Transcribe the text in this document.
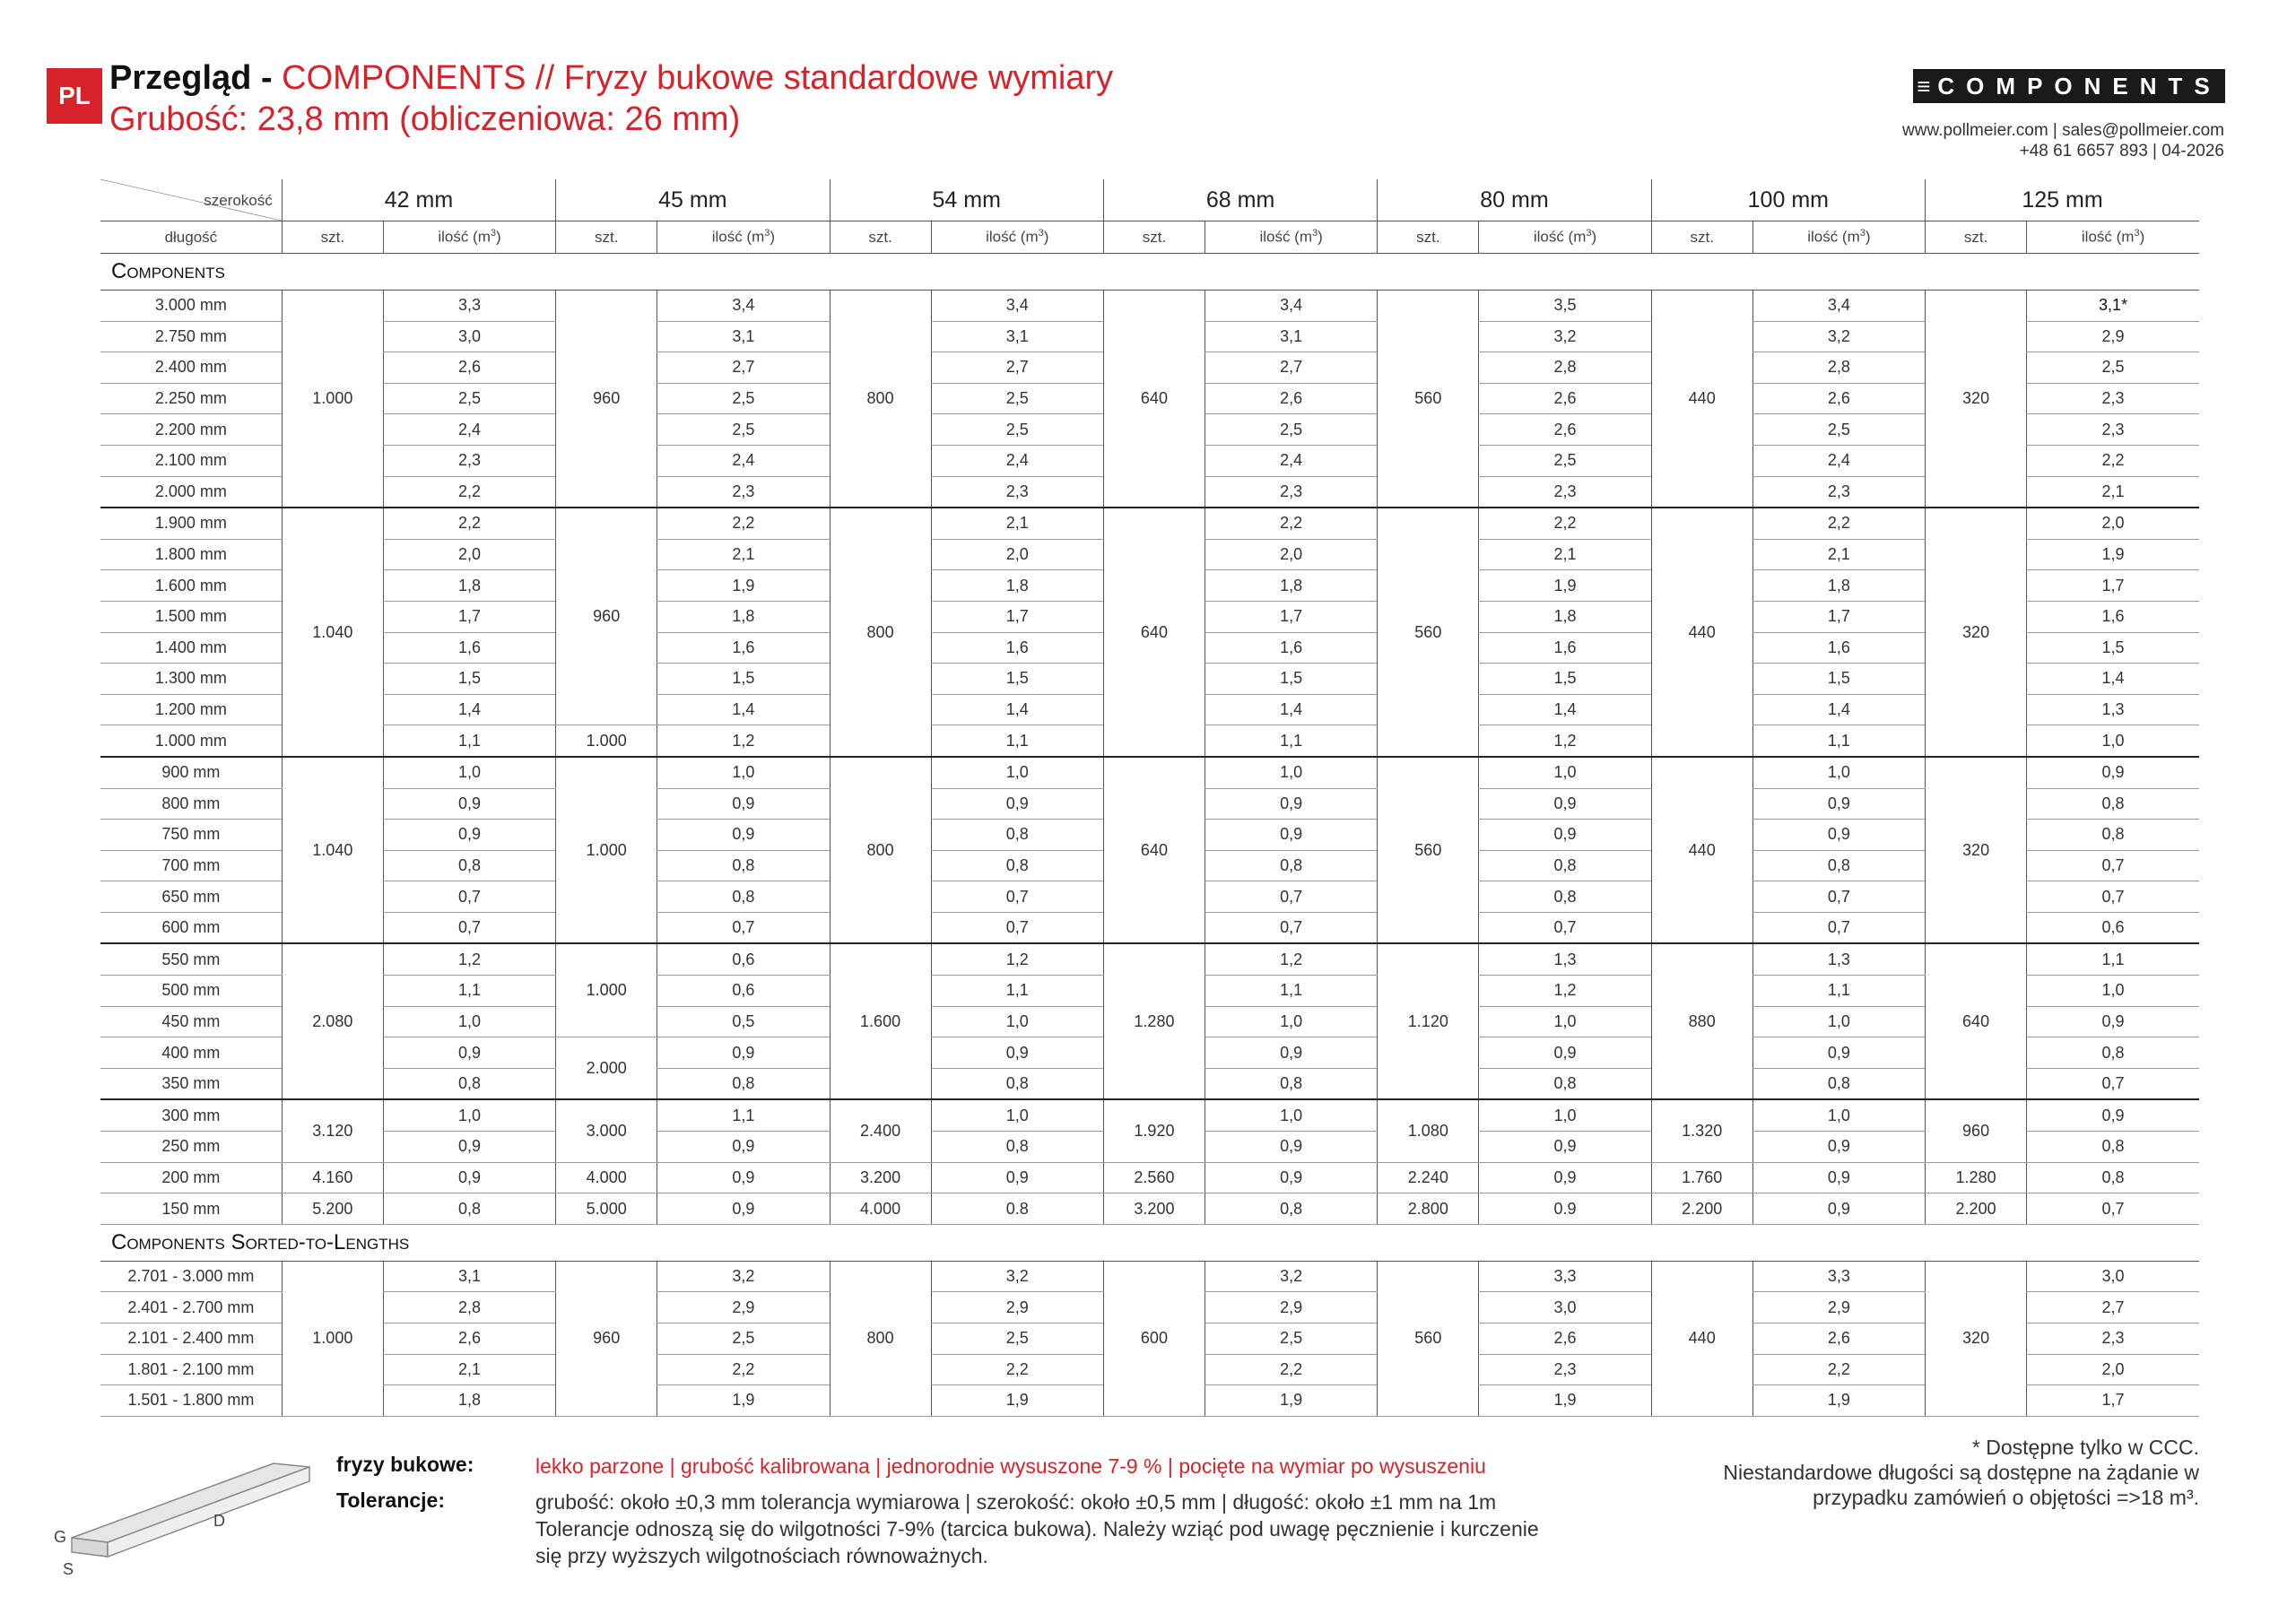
PL Przegląd - COMPONENTS // Fryzy bukowe standardowe wymiary
Grubość: 23,8 mm (obliczeniowa: 26 mm)
≡ COMPONENTS
www.pollmeier.com | sales@pollmeier.com
+48 61 6657 893 | 04-2026
szerokość	42 mm		45 mm		54 mm		68 mm		80 mm		100 mm		125 mm	
długość	szt.	ilość $(m^3)$	szt.	ilość $(m^3)$	szt.	ilość $(m^3)$	szt.	ilość $(m^3)$	szt.	ilość $(m^3)$	szt.	ilość $(m^3)$	szt.	ilość $(m^3)$
Components														
3.000 mm	1.000	3,3	960	3,4	800	3,4	640	3,4	560	3,5	440	3,4	320	3,1*
2.750 mm		3,0		3,1		3,1		3,1		3,2		3,2		2,9
2.400 mm		2,6		2,7		2,7		2,7		2,8		2,8		2,5
2.250 mm		2,5		2,5		2,5		2,6		2,6		2,6		2,3
2.200 mm		2,4		2,5		2,5		2,5		2,6		2,5		2,3
2.100 mm		2,3		2,4		2,4		2,4		2,5		2,4		2,2
2.000 mm		2,2		2,3		2,3		2,3		2,3		2,3		2,1
1.900 mm	1.040	2,2	960	2,2	800	2,1	640	2,2	560	2,2	440	2,2	320	2,0
1.800 mm		2,0		2,1		2,0		2,0		2,1		2,1		1,9
1.600 mm		1,8		1,9		1,8		1,8		1,9		1,8		1,7
1.500 mm		1,7		1,8		1,7		1,7		1,8		1,7		1,6
1.400 mm		1,6		1,6		1,6		1,6		1,6		1,6		1,5
1.300 mm		1,5		1,5		1,5		1,5		1,5		1,5		1,4
1.200 mm		1,4		1,4		1,4		1,4		1,4		1,4		1,3
1.000 mm		1,1	1.000	1,2		1,1		1,1		1,2		1,1		1,0
900 mm	1.040	1,0	1.000	1,0	800	1,0	640	1,0	560	1,0	440	1,0	320	0,9
800 mm		0,9		0,9		0,9		0,9		0,9		0,9		0,8
750 mm		0,9		0,9		0,8		0,9		0,9		0,9		0,8
700 mm		0,8		0,8		0,8		0,8		0,8		0,8		0,7
650 mm		0,7		0,8		0,7		0,7		0,8		0,7		0,7
600 mm		0,7		0,7		0,7		0,7		0,7		0,7		0,6
550 mm	2.080	1,2	1.000	0,6	1.600	1,2	1.280	1,2	1.120	1,3	880	1,3	640	1,1
500 mm		1,1		0,6		1,1		1,1		1,2		1,1		1,0
450 mm		1,0		0,5		1,0		1,0		1,0		1,0		0,9
400 mm		0,9	2.000	0,9		0,9		0,9		0,9		0,9		0,8
350 mm		0,8		0,8		0,8		0,8		0,8		0,8		0,7
300 mm	3.120	1,0	3.000	1,1	2.400	1,0	1.920	1,0	1.080	1,0	1.320	1,0	960	0,9
250 mm		0,9		0,9		0,8		0,9		0,9		0,9		0,8
200 mm	4.160	0,9	4.000	0,9	3.200	0,9	2.560	0,9	2.240	0,9	1.760	0,9	1.280	0,8
150 mm	5.200	0,8	5.000	0,9	4.000	0.8	3.200	0,8	2.800	0.9	2.200	0,9	2.200	0,7
Components Sorted-to-Lengths														
2.701 - 3.000 mm	1.000	3,1	960	3,2	800	3,2	600	3,2	560	3,3	440	3,3	320	3,0
2.401 - 2.700 mm		2,8		2,9		2,9		2,9		3,0		2,9		2,7
2.101 - 2.400 mm		2,6		2,5		2,5		2,5		2,6		2,6		2,3
1.801 - 2.100 mm		2,1		2,2		2,2		2,2		2,3		2,2		2,0
1.501 - 1.800 mm		1,8		1,9		1,9		1,9		1,9		1,9		1,7
G
S
D
fryzy bukowe:	lekko parzone | grubość kalibrowana | jednorodnie wysuszone 7-9 % | pocięte na wymiar po wysuszeniu
Tolerancje:	grubość: około ±0,3 mm tolerancja wymiarowa | szerokość: około ±0,5 mm | długość: około ±1 mm na 1m
Tolerancje odnoszą się do wilgotności 7-9% (tarcica bukowa). Należy wziąć pod uwagę pęcznienie i kurczenie
się przy wyższych wilgotnościach równoważnych.
* Dostępne tylko w CCC.
Niestandardowe długości są dostępne na żądanie w
przypadku zamówień o objętości =>18 m³.
